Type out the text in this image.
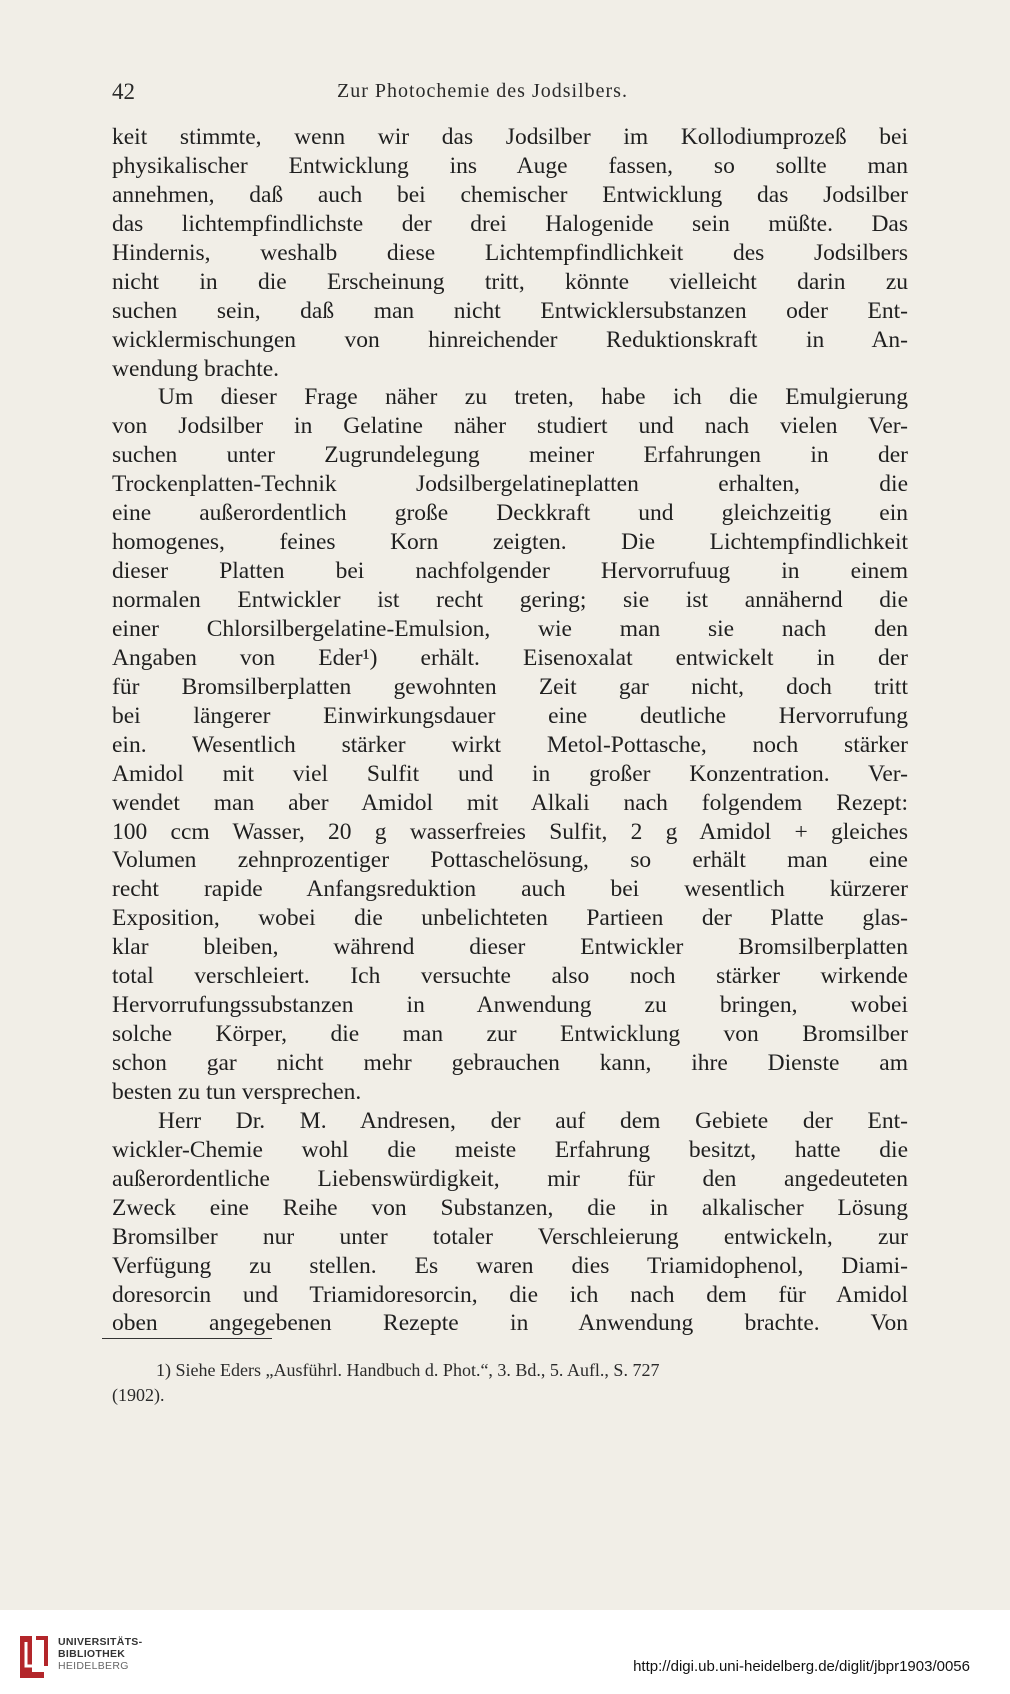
42	Zur Photochemie des Jodsilbers.
keit stimmte, wenn wir das Jodsilber im Kollodiumprozeß bei
physikalischer Entwicklung ins Auge fassen, so sollte man
annehmen, daß auch bei chemischer Entwicklung das Jodsilber
das lichtempfindlichste der drei Halogenide sein müßte. Das
Hindernis, weshalb diese Lichtempfindlichkeit des Jodsilbers
nicht in die Erscheinung tritt, könnte vielleicht darin zu
suchen sein, daß man nicht Entwicklersubstanzen oder Ent-
wicklermischungen von hinreichender Reduktionskraft in An-
wendung brachte.
Um dieser Frage näher zu treten, habe ich die Emulgierung
von Jodsilber in Gelatine näher studiert und nach vielen Ver-
suchen unter Zugrundelegung meiner Erfahrungen in der
Trockenplatten-Technik Jodsilbergelatineplatten erhalten, die
eine außerordentlich große Deckkraft und gleichzeitig ein
homogenes, feines Korn zeigten. Die Lichtempfindlichkeit
dieser Platten bei nachfolgender Hervorrufuug in einem
normalen Entwickler ist recht gering; sie ist annähernd die
einer Chlorsilbergelatine-Emulsion, wie man sie nach den
Angaben von Eder¹) erhält. Eisenoxalat entwickelt in der
für Bromsilberplatten gewohnten Zeit gar nicht, doch tritt
bei längerer Einwirkungsdauer eine deutliche Hervorrufung
ein. Wesentlich stärker wirkt Metol-Pottasche, noch stärker
Amidol mit viel Sulfit und in großer Konzentration. Ver-
wendet man aber Amidol mit Alkali nach folgendem Rezept:
100 ccm Wasser, 20 g wasserfreies Sulfit, 2 g Amidol + gleiches
Volumen zehnprozentiger Pottaschelösung, so erhält man eine
recht rapide Anfangsreduktion auch bei wesentlich kürzerer
Exposition, wobei die unbelichteten Partieen der Platte glas-
klar bleiben, während dieser Entwickler Bromsilberplatten
total verschleiert. Ich versuchte also noch stärker wirkende
Hervorrufungssubstanzen in Anwendung zu bringen, wobei
solche Körper, die man zur Entwicklung von Bromsilber
schon gar nicht mehr gebrauchen kann, ihre Dienste am
besten zu tun versprechen.
Herr Dr. M. Andresen, der auf dem Gebiete der Ent-
wickler-Chemie wohl die meiste Erfahrung besitzt, hatte die
außerordentliche Liebenswürdigkeit, mir für den angedeuteten
Zweck eine Reihe von Substanzen, die in alkalischer Lösung
Bromsilber nur unter totaler Verschleierung entwickeln, zur
Verfügung zu stellen. Es waren dies Triamidophenol, Diami-
doresorcin und Triamidoresorcin, die ich nach dem für Amidol
oben angegebenen Rezepte in Anwendung brachte. Von
1) Siehe Eders „Ausführl. Handbuch d. Phot.“, 3. Bd., 5. Aufl., S. 727
(1902).
UNIVERSITÄTS-
BIBLIOTHEK
HEIDELBERG	http://digi.ub.uni-heidelberg.de/diglit/jbpr1903/0056
